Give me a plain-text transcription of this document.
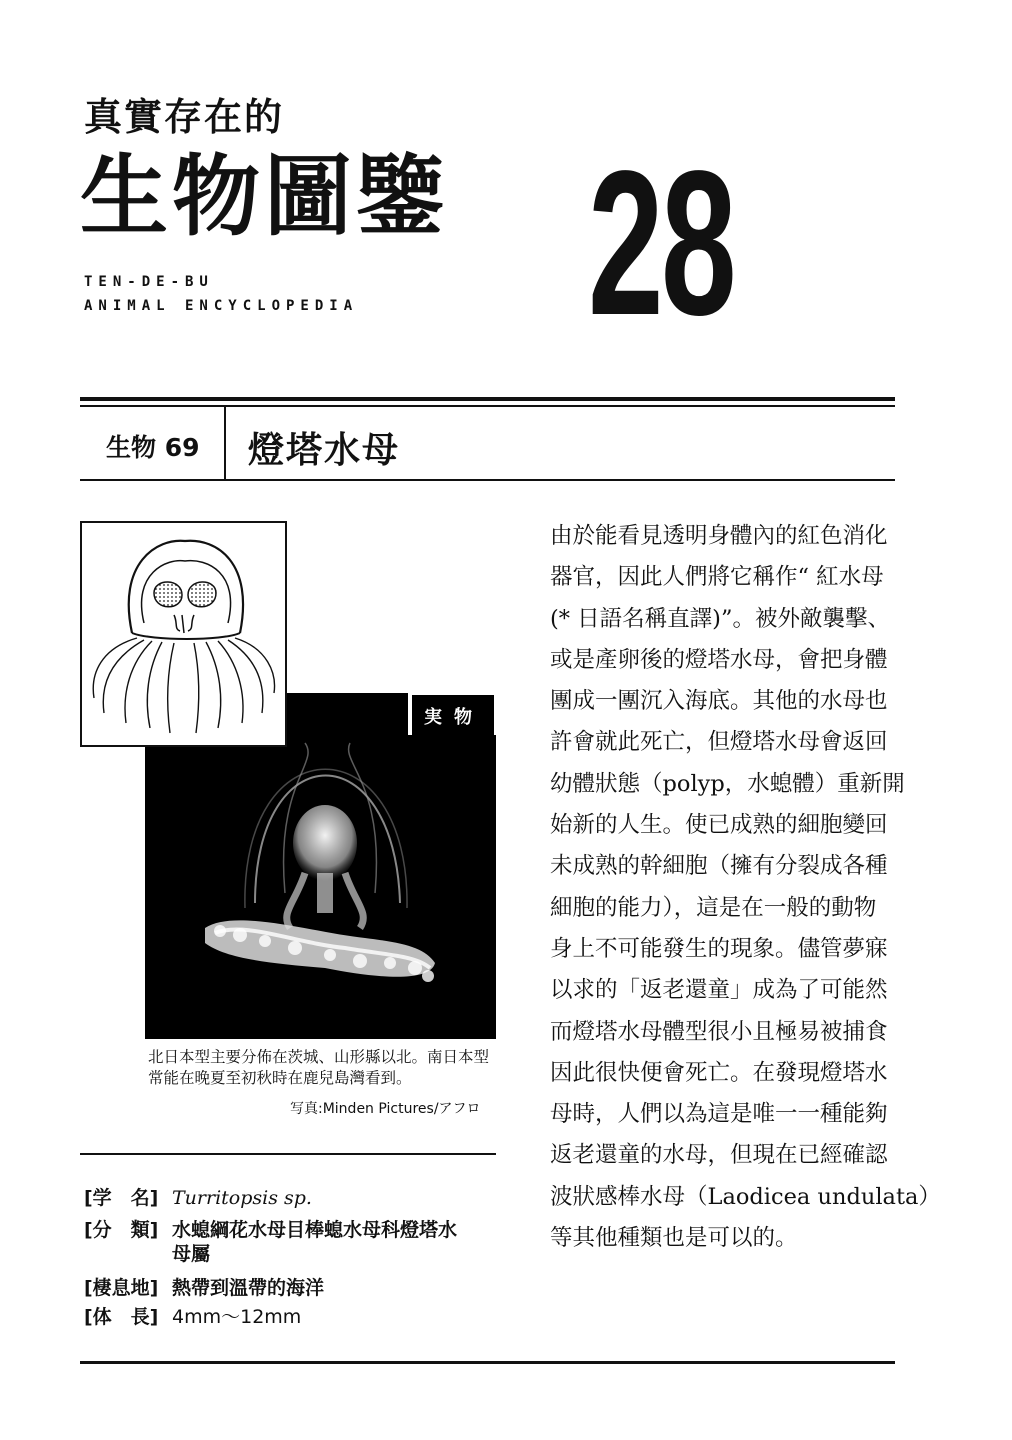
真實存在的
生物圖鑒
TEN-DE-BU
ANIMAL ENCYCLOPEDIA 28
生物 69 燈塔水母
実物
北日本型主要分佈在茨城、山形縣以北。南日本型常能在晚夏至初秋時在鹿兒島灣看到。
写真:Minden Pictures/アフロ
[学　名] Turritopsis sp.
[分　類] 水螅綱花水母目棒螅水母科燈塔水母屬
[棲息地] 熱帶到溫帶的海洋
[体　長] 4mm～12mm

由於能看見透明身體內的紅色消化

器官，因此人們將它稱作“ 紅水母

(* 日語名稱直譯)”。被外敵襲擊、

或是產卵後的燈塔水母，會把身體

團成一團沉入海底。其他的水母也

許會就此死亡，但燈塔水母會返回

幼體狀態（polyp，水螅體）重新開

始新的人生。使已成熟的細胞變回

未成熟的幹細胞（擁有分裂成各種

細胞的能力），這是在一般的動物

身上不可能發生的現象。儘管夢寐

以求的「返老還童」成為了可能然

而燈塔水母體型很小且極易被捕食

因此很快便會死亡。在發現燈塔水

母時，人們以為這是唯一一種能夠

返老還童的水母，但現在已經確認

波狀感棒水母（Laodicea undulata）

等其他種類也是可以的。
